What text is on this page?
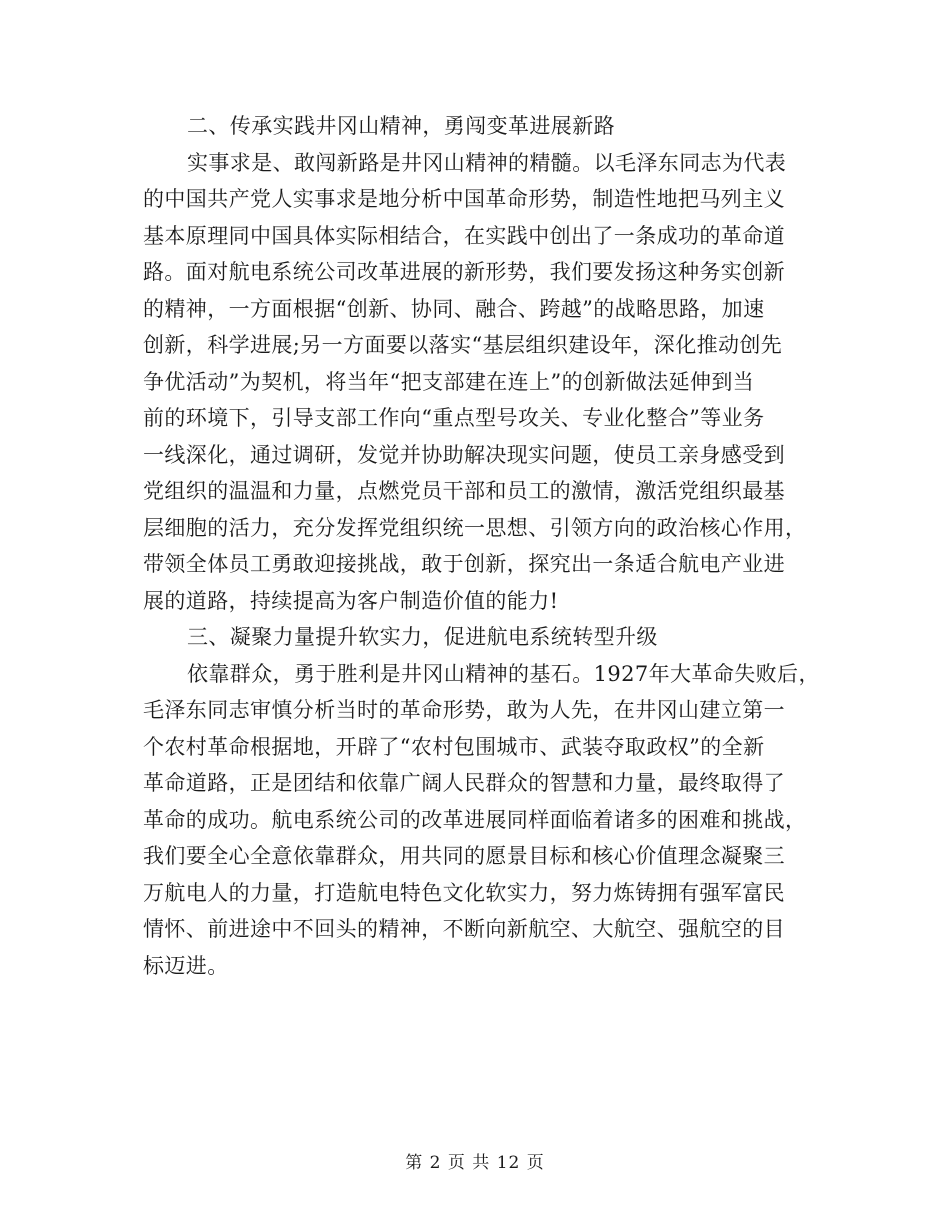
二、传承实践井冈山精神，勇闯变革进展新路
实事求是、敢闯新路是井冈山精神的精髓。以毛泽东同志为代表
的中国共产党人实事求是地分析中国革命形势，制造性地把马列主义
基本原理同中国具体实际相结合，在实践中创出了一条成功的革命道
路。面对航电系统公司改革进展的新形势，我们要发扬这种务实创新
的精神，一方面根据“创新、协同、融合、跨越”的战略思路，加速
创新，科学进展;另一方面要以落实“基层组织建设年，深化推动创先
争优活动”为契机，将当年“把支部建在连上”的创新做法延伸到当
前的环境下，引导支部工作向“重点型号攻关、专业化整合”等业务
一线深化，通过调研，发觉并协助解决现实问题，使员工亲身感受到
党组织的温温和力量，点燃党员干部和员工的激情，激活党组织最基
层细胞的活力，充分发挥党组织统一思想、引领方向的政治核心作用，
带领全体员工勇敢迎接挑战，敢于创新，探究出一条适合航电产业进
展的道路，持续提高为客户制造价值的能力!
三、凝聚力量提升软实力，促进航电系统转型升级
依靠群众，勇于胜利是井冈山精神的基石。1927年大革命失败后，
毛泽东同志审慎分析当时的革命形势，敢为人先，在井冈山建立第一
个农村革命根据地，开辟了“农村包围城市、武装夺取政权”的全新
革命道路，正是团结和依靠广阔人民群众的智慧和力量，最终取得了
革命的成功。航电系统公司的改革进展同样面临着诸多的困难和挑战，
我们要全心全意依靠群众，用共同的愿景目标和核心价值理念凝聚三
万航电人的力量，打造航电特色文化软实力，努力炼铸拥有强军富民
情怀、前进途中不回头的精神，不断向新航空、大航空、强航空的目
标迈进。
第 2 页 共 12 页
